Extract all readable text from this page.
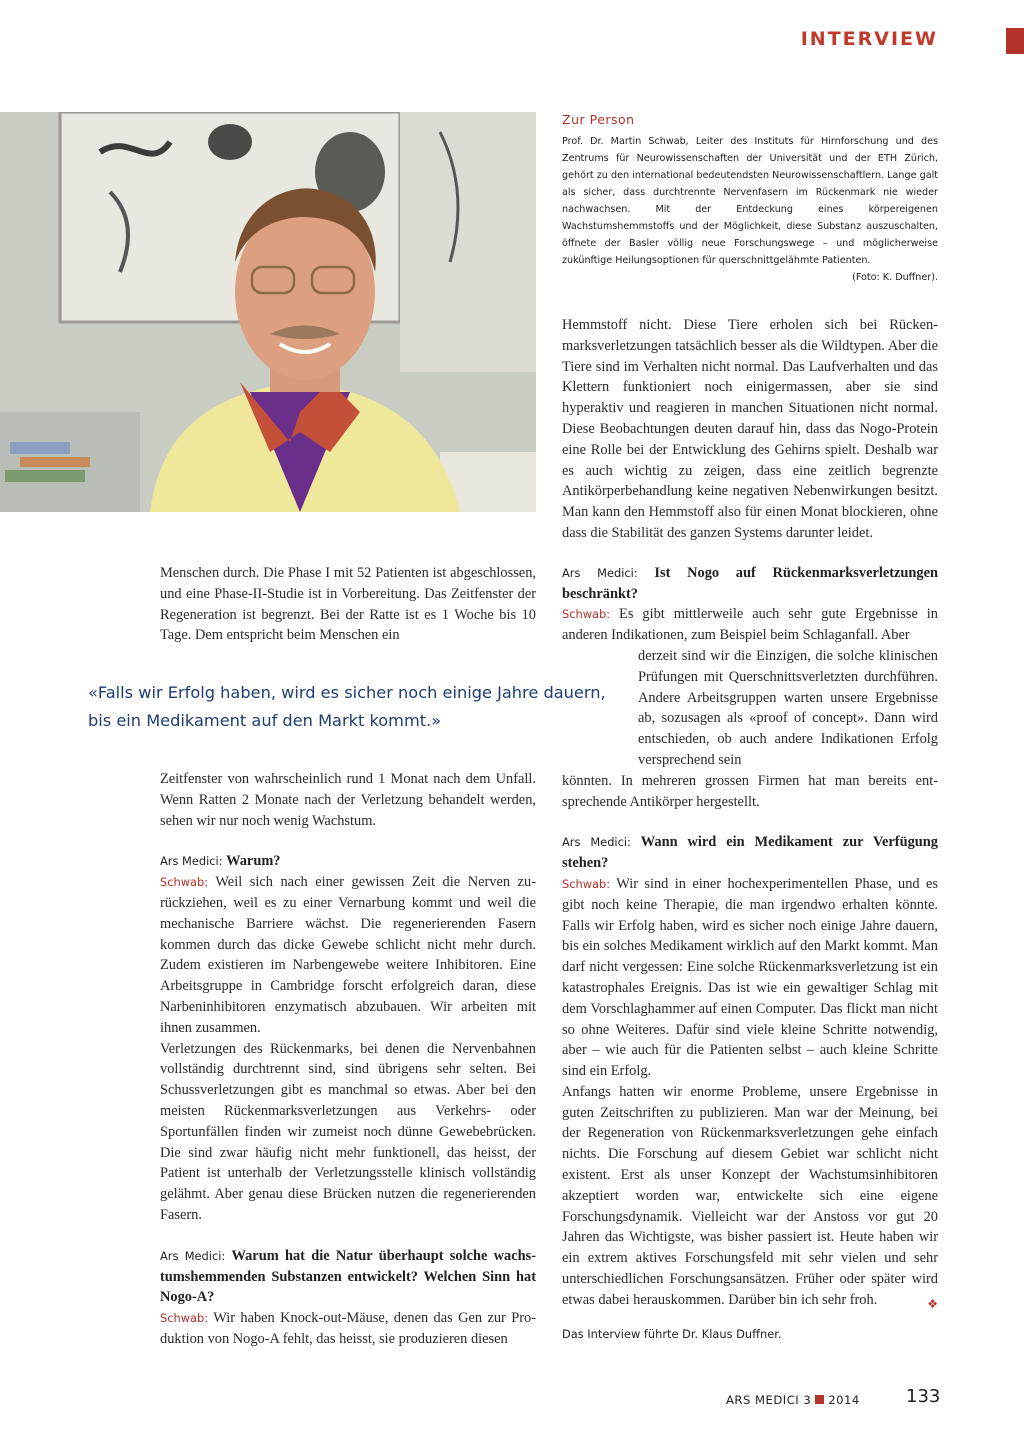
INTERVIEW
Zur Person
Prof. Dr. Martin Schwab, Leiter des Instituts für Hirnforschung und des Zentrums für Neurowissenschaften der Universität und der ETH Zürich, gehört zu den international bedeutendsten Neurowissenschaftlern. Lange galt als sicher, dass durchtrennte Nervenfasern im Rückenmark nie wieder nachwachsen. Mit der Entdeckung eines körpereigenen Wachstumshemmstoffs und der Möglichkeit, diese Substanz auszuschalten, öffnete der Basler völlig neue Forschungswege – und möglicherweise zukünftige Heilungsoptionen für querschnittgelähmte Patienten.
(Foto: K. Duffner).

Menschen durch. Die Phase I mit 52 Patienten ist abgeschlossen, und eine Phase-II-Studie ist in Vorbereitung. Das Zeitfenster der Regeneration ist begrenzt. Bei der Ratte ist es 1 Woche bis 10 Tage. Dem entspricht beim Menschen ein

«Falls wir Erfolg haben, wird es sicher noch einige Jahre dauern, bis ein Medikament auf den Markt kommt.»

Zeitfenster von wahrscheinlich rund 1 Monat nach dem Unfall. Wenn Ratten 2 Monate nach der Verletzung behandelt werden, sehen wir nur noch wenig Wachstum.

Ars Medici: Warum?

Schwab: Weil sich nach einer gewissen Zeit die Nerven zurückziehen, weil es zu einer Vernarbung kommt und weil die mechanische Barriere wächst. Die regenerierenden Fasern kommen durch das dicke Gewebe schlicht nicht mehr durch. Zudem existieren im Narbengewebe weitere Inhibitoren. Eine Arbeitsgruppe in Cambridge forscht erfolgreich daran, diese Narbeninhibitoren enzymatisch abzubauen. Wir arbeiten mit ihnen zusammen.

Verletzungen des Rückenmarks, bei denen die Nervenbahnen vollständig durchtrennt sind, sind übrigens sehr selten. Bei Schussverletzungen gibt es manchmal so etwas. Aber bei den meisten Rückenmarksverletzungen aus Verkehrs- oder Sportunfällen finden wir zumeist noch dünne Gewebebrücken. Die sind zwar häufig nicht mehr funktionell, das heisst, der Patient ist unterhalb der Verletzungsstelle klinisch vollständig gelähmt. Aber genau diese Brücken nutzen die regenerierenden Fasern.

Ars Medici: Warum hat die Natur überhaupt solche wachstumshemmenden Substanzen entwickelt? Welchen Sinn hat Nogo-A?

Schwab: Wir haben Knock-out-Mäuse, denen das Gen zur Produktion von Nogo-A fehlt, das heisst, sie produzieren diesen

Hemmstoff nicht. Diese Tiere erholen sich bei Rückenmarksverletzungen tatsächlich besser als die Wildtypen. Aber die Tiere sind im Verhalten nicht normal. Das Laufverhalten und das Klettern funktioniert noch einigermassen, aber sie sind hyperaktiv und reagieren in manchen Situationen nicht normal. Diese Beobachtungen deuten darauf hin, dass das Nogo-Protein eine Rolle bei der Entwicklung des Gehirns spielt. Deshalb war es auch wichtig zu zeigen, dass eine zeitlich begrenzte Antikörperbehandlung keine negativen Nebenwirkungen besitzt. Man kann den Hemmstoff also für einen Monat blockieren, ohne dass die Stabilität des ganzen Systems darunter leidet.

Ars Medici: Ist Nogo auf Rückenmarksverletzungen beschränkt?

Schwab: Es gibt mittlerweile auch sehr gute Ergebnisse in anderen Indikationen, zum Beispiel beim Schlaganfall. Aber

derzeit sind wir die Einzigen, die solche klinischen Prüfungen mit Querschnittsverletzten durchführen. Andere Arbeitsgruppen warten unsere Ergebnisse ab, sozusagen als «proof of concept». Dann wird entschieden, ob auch andere Indikationen Erfolg versprechend sein

könnten. In mehreren grossen Firmen hat man bereits entsprechende Antikörper hergestellt.

Ars Medici: Wann wird ein Medikament zur Verfügung stehen?

Schwab: Wir sind in einer hochexperimentellen Phase, und es gibt noch keine Therapie, die man irgendwo erhalten könnte. Falls wir Erfolg haben, wird es sicher noch einige Jahre dauern, bis ein solches Medikament wirklich auf den Markt kommt. Man darf nicht vergessen: Eine solche Rückenmarksverletzung ist ein katastrophales Ereignis. Das ist wie ein gewaltiger Schlag mit dem Vorschlaghammer auf einen Computer. Das flickt man nicht so ohne Weiteres. Dafür sind viele kleine Schritte notwendig, aber – wie auch für die Patienten selbst – auch kleine Schritte sind ein Erfolg.

Anfangs hatten wir enorme Probleme, unsere Ergebnisse in guten Zeitschriften zu publizieren. Man war der Meinung, bei der Regeneration von Rückenmarksverletzungen gehe einfach nichts. Die Forschung auf diesem Gebiet war schlicht nicht existent. Erst als unser Konzept der Wachstumsinhibitoren akzeptiert worden war, entwickelte sich eine eigene Forschungsdynamik. Vielleicht war der Anstoss vor gut 20 Jahren das Wichtigste, was bisher passiert ist. Heute haben wir ein extrem aktives Forschungsfeld mit sehr vielen und sehr unterschiedlichen Forschungsansätzen. Früher oder später wird etwas dabei herauskommen. Darüber bin ich sehr froh.	❖

Das Interview führte Dr. Klaus Duffner.
ARS MEDICI 3 2014	133
